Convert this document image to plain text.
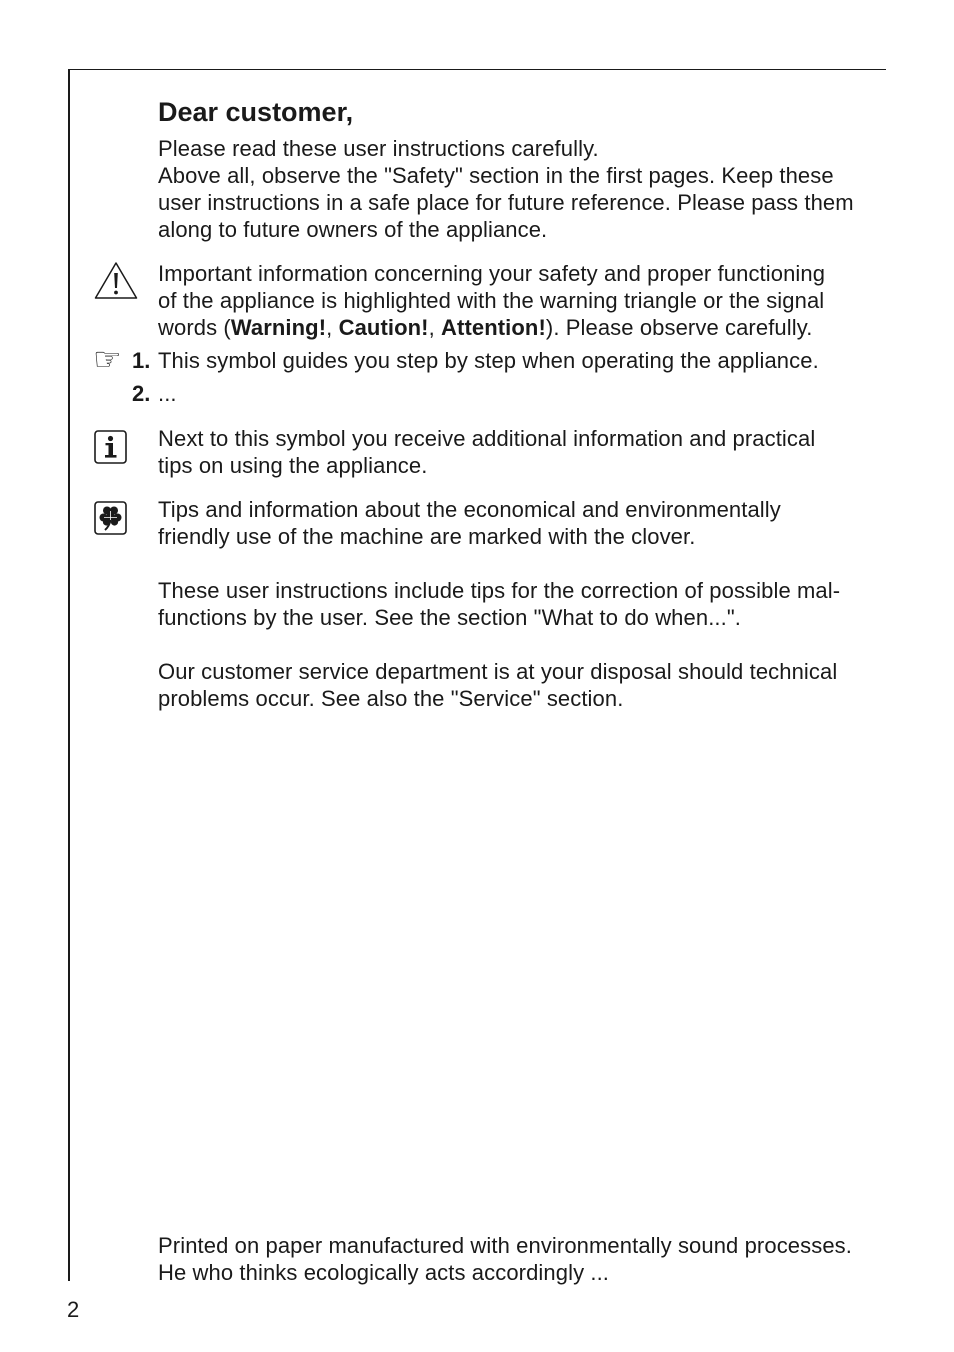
Dear customer,
Please read these user instructions carefully.
Above all, observe the "Safety" section in the first pages. Keep these
user instructions in a safe place for future reference. Please pass them
along to future owners of the appliance.
Important information concerning your safety and proper functioning
of the appliance is highlighted with the warning triangle or the signal
words (Warning!, Caution!, Attention!). Please observe carefully.
☞ 1. This symbol guides you step by step when operating the appliance.
2. ...
Next to this symbol you receive additional information and practical
tips on using the appliance.
Tips and information about the economical and environmentally
friendly use of the machine are marked with the clover.
These user instructions include tips for the correction of possible mal-
functions by the user. See the section "What to do when...".
Our customer service department is at your disposal should technical
problems occur. See also the "Service" section.
Printed on paper manufactured with environmentally sound processes.
He who thinks ecologically acts accordingly ...
2
